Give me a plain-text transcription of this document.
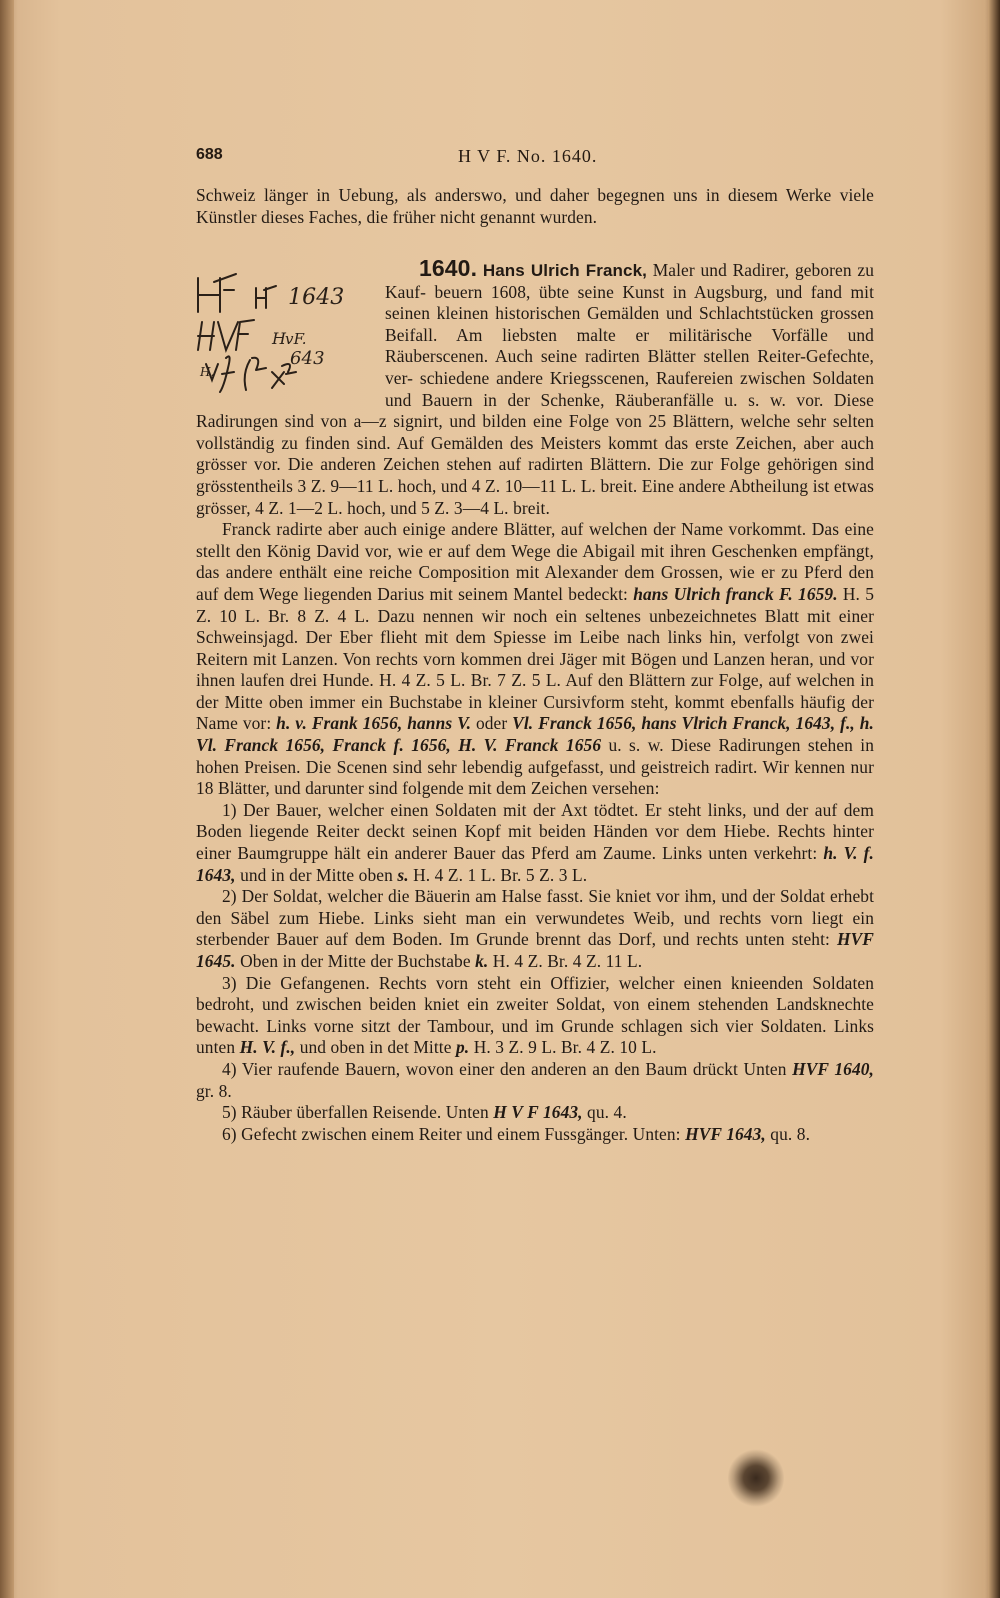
688	H V F. No. 1640.

Schweiz länger in Uebung, als anderswo, und daher begegnen uns in diesem Werke viele Künstler dieses Faches, die früher nicht genannt wurden.

1643
H
vF.
643
H.

1640. Hans Ulrich Franck, Maler und Radirer, geboren zu Kauf- beuern 1608, übte seine Kunst in Augsburg, und fand mit seinen kleinen historischen Gemälden und Schlachtstücken grossen Beifall. Am liebsten malte er militärische Vorfälle und Räuberscenen. Auch seine radirten Blätter stellen Reiter-Gefechte, ver- schiedene andere Kriegsscenen, Raufereien zwischen Soldaten und Bauern in der Schenke, Räuberanfälle u. s. w. vor. Diese Radirungen sind von a—z signirt, und bilden eine Folge von 25 Blättern, welche sehr selten vollständig zu finden sind. Auf Gemälden des Meisters kommt das erste Zeichen, aber auch grösser vor. Die anderen Zeichen stehen auf radirten Blättern. Die zur Folge gehörigen sind grösstentheils 3 Z. 9—11 L. hoch, und 4 Z. 10—11 L. L. breit. Eine andere Abtheilung ist etwas grösser, 4 Z. 1—2 L. hoch, und 5 Z. 3—4 L. breit.

Franck radirte aber auch einige andere Blätter, auf welchen der Name vorkommt. Das eine stellt den König David vor, wie er auf dem Wege die Abigail mit ihren Geschenken empfängt, das andere enthält eine reiche Composition mit Alexander dem Grossen, wie er zu Pferd den auf dem Wege liegenden Darius mit seinem Mantel bedeckt: hans Ulrich franck F. 1659. H. 5 Z. 10 L. Br. 8 Z. 4 L. Dazu nennen wir noch ein seltenes unbezeichnetes Blatt mit einer Schweinsjagd. Der Eber flieht mit dem Spiesse im Leibe nach links hin, verfolgt von zwei Reitern mit Lanzen. Von rechts vorn kommen drei Jäger mit Bögen und Lanzen heran, und vor ihnen laufen drei Hunde. H. 4 Z. 5 L. Br. 7 Z. 5 L. Auf den Blättern zur Folge, auf welchen in der Mitte oben immer ein Buchstabe in kleiner Cursivform steht, kommt ebenfalls häufig der Name vor: h. v. Frank 1656, hanns V. oder Vl. Franck 1656, hans Vlrich Franck, 1643, f., h. Vl. Franck 1656, Franck f. 1656, H. V. Franck 1656 u. s. w. Diese Radirungen stehen in hohen Preisen. Die Scenen sind sehr lebendig aufgefasst, und geistreich radirt. Wir kennen nur 18 Blätter, und darunter sind folgende mit dem Zeichen versehen:

1) Der Bauer, welcher einen Soldaten mit der Axt tödtet. Er steht links, und der auf dem Boden liegende Reiter deckt seinen Kopf mit beiden Händen vor dem Hiebe. Rechts hinter einer Baumgruppe hält ein anderer Bauer das Pferd am Zaume. Links unten verkehrt: h. V. f. 1643, und in der Mitte oben s. H. 4 Z. 1 L. Br. 5 Z. 3 L.

2) Der Soldat, welcher die Bäuerin am Halse fasst. Sie kniet vor ihm, und der Soldat erhebt den Säbel zum Hiebe. Links sieht man ein verwundetes Weib, und rechts vorn liegt ein sterbender Bauer auf dem Boden. Im Grunde brennt das Dorf, und rechts unten steht: HVF 1645. Oben in der Mitte der Buchstabe k. H. 4 Z. Br. 4 Z. 11 L.

3) Die Gefangenen. Rechts vorn steht ein Offizier, welcher einen knieenden Soldaten bedroht, und zwischen beiden kniet ein zweiter Soldat, von einem stehenden Landsknechte bewacht. Links vorne sitzt der Tambour, und im Grunde schlagen sich vier Soldaten. Links unten H. V. f., und oben in det Mitte p. H. 3 Z. 9 L. Br. 4 Z. 10 L.

4) Vier raufende Bauern, wovon einer den anderen an den Baum drückt Unten HVF 1640, gr. 8.

5) Räuber überfallen Reisende. Unten H V F 1643, qu. 4.

6) Gefecht zwischen einem Reiter und einem Fussgänger. Unten: HVF 1643, qu. 8.
